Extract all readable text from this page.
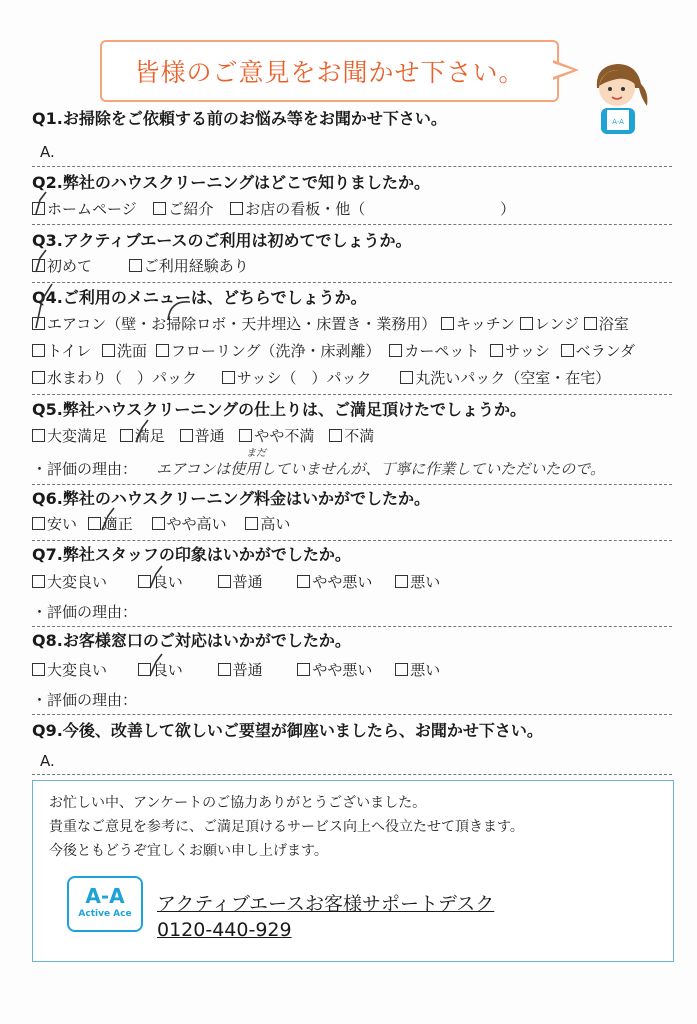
皆様のご意見をお聞かせ下さい。
A-A
Q1.お掃除をご依頼する前のお悩み等をお聞かせ下さい。
A.
Q2.弊社のハウスクリーニングはどこで知りましたか。
ホームページ ご紹介 お店の看板・他（	）
Q3.アクティブエースのご利用は初めてでしょうか。
初めて	ご利用経験あり
Q4.ご利用のメニューは、どちらでしょうか。
エアコン（壁・お掃除ロボ・天井埋込・床置き・業務用） キッチン レンジ 浴室
トイレ 洗面 フローリング（洗浄・床剥離） カーペット サッシ ベランダ
水まわり（　）パック	サッシ（　）パック	丸洗いパック（空室・在宅）
Q5.弊社ハウスクリーニングの仕上りは、ご満足頂けたでしょうか。
大変満足 満足 普通 やや不満 不満
・評価の理由： エアコンは使用していませんが、丁寧に作業していただいたので。
まだ
Q6.弊社のハウスクリーニング料金はいかがでしたか。
安い 適正 やや高い 高い
Q7.弊社スタッフの印象はいかがでしたか。
大変良い	良い	普通	やや悪い	悪い
・評価の理由：
Q8.お客様窓口のご対応はいかがでしたか。
大変良い	良い	普通	やや悪い	悪い
・評価の理由：
Q9.今後、改善して欲しいご要望が御座いましたら、お聞かせ下さい。
A.
お忙しい中、アンケートのご協力ありがとうございました。
貴重なご意見を参考に、ご満足頂けるサービス向上へ役立たせて頂きます。
今後ともどうぞ宜しくお願い申し上げます。
A-A
Active Ace	アクティブエースお客様サポートデスク
0120-440-929
